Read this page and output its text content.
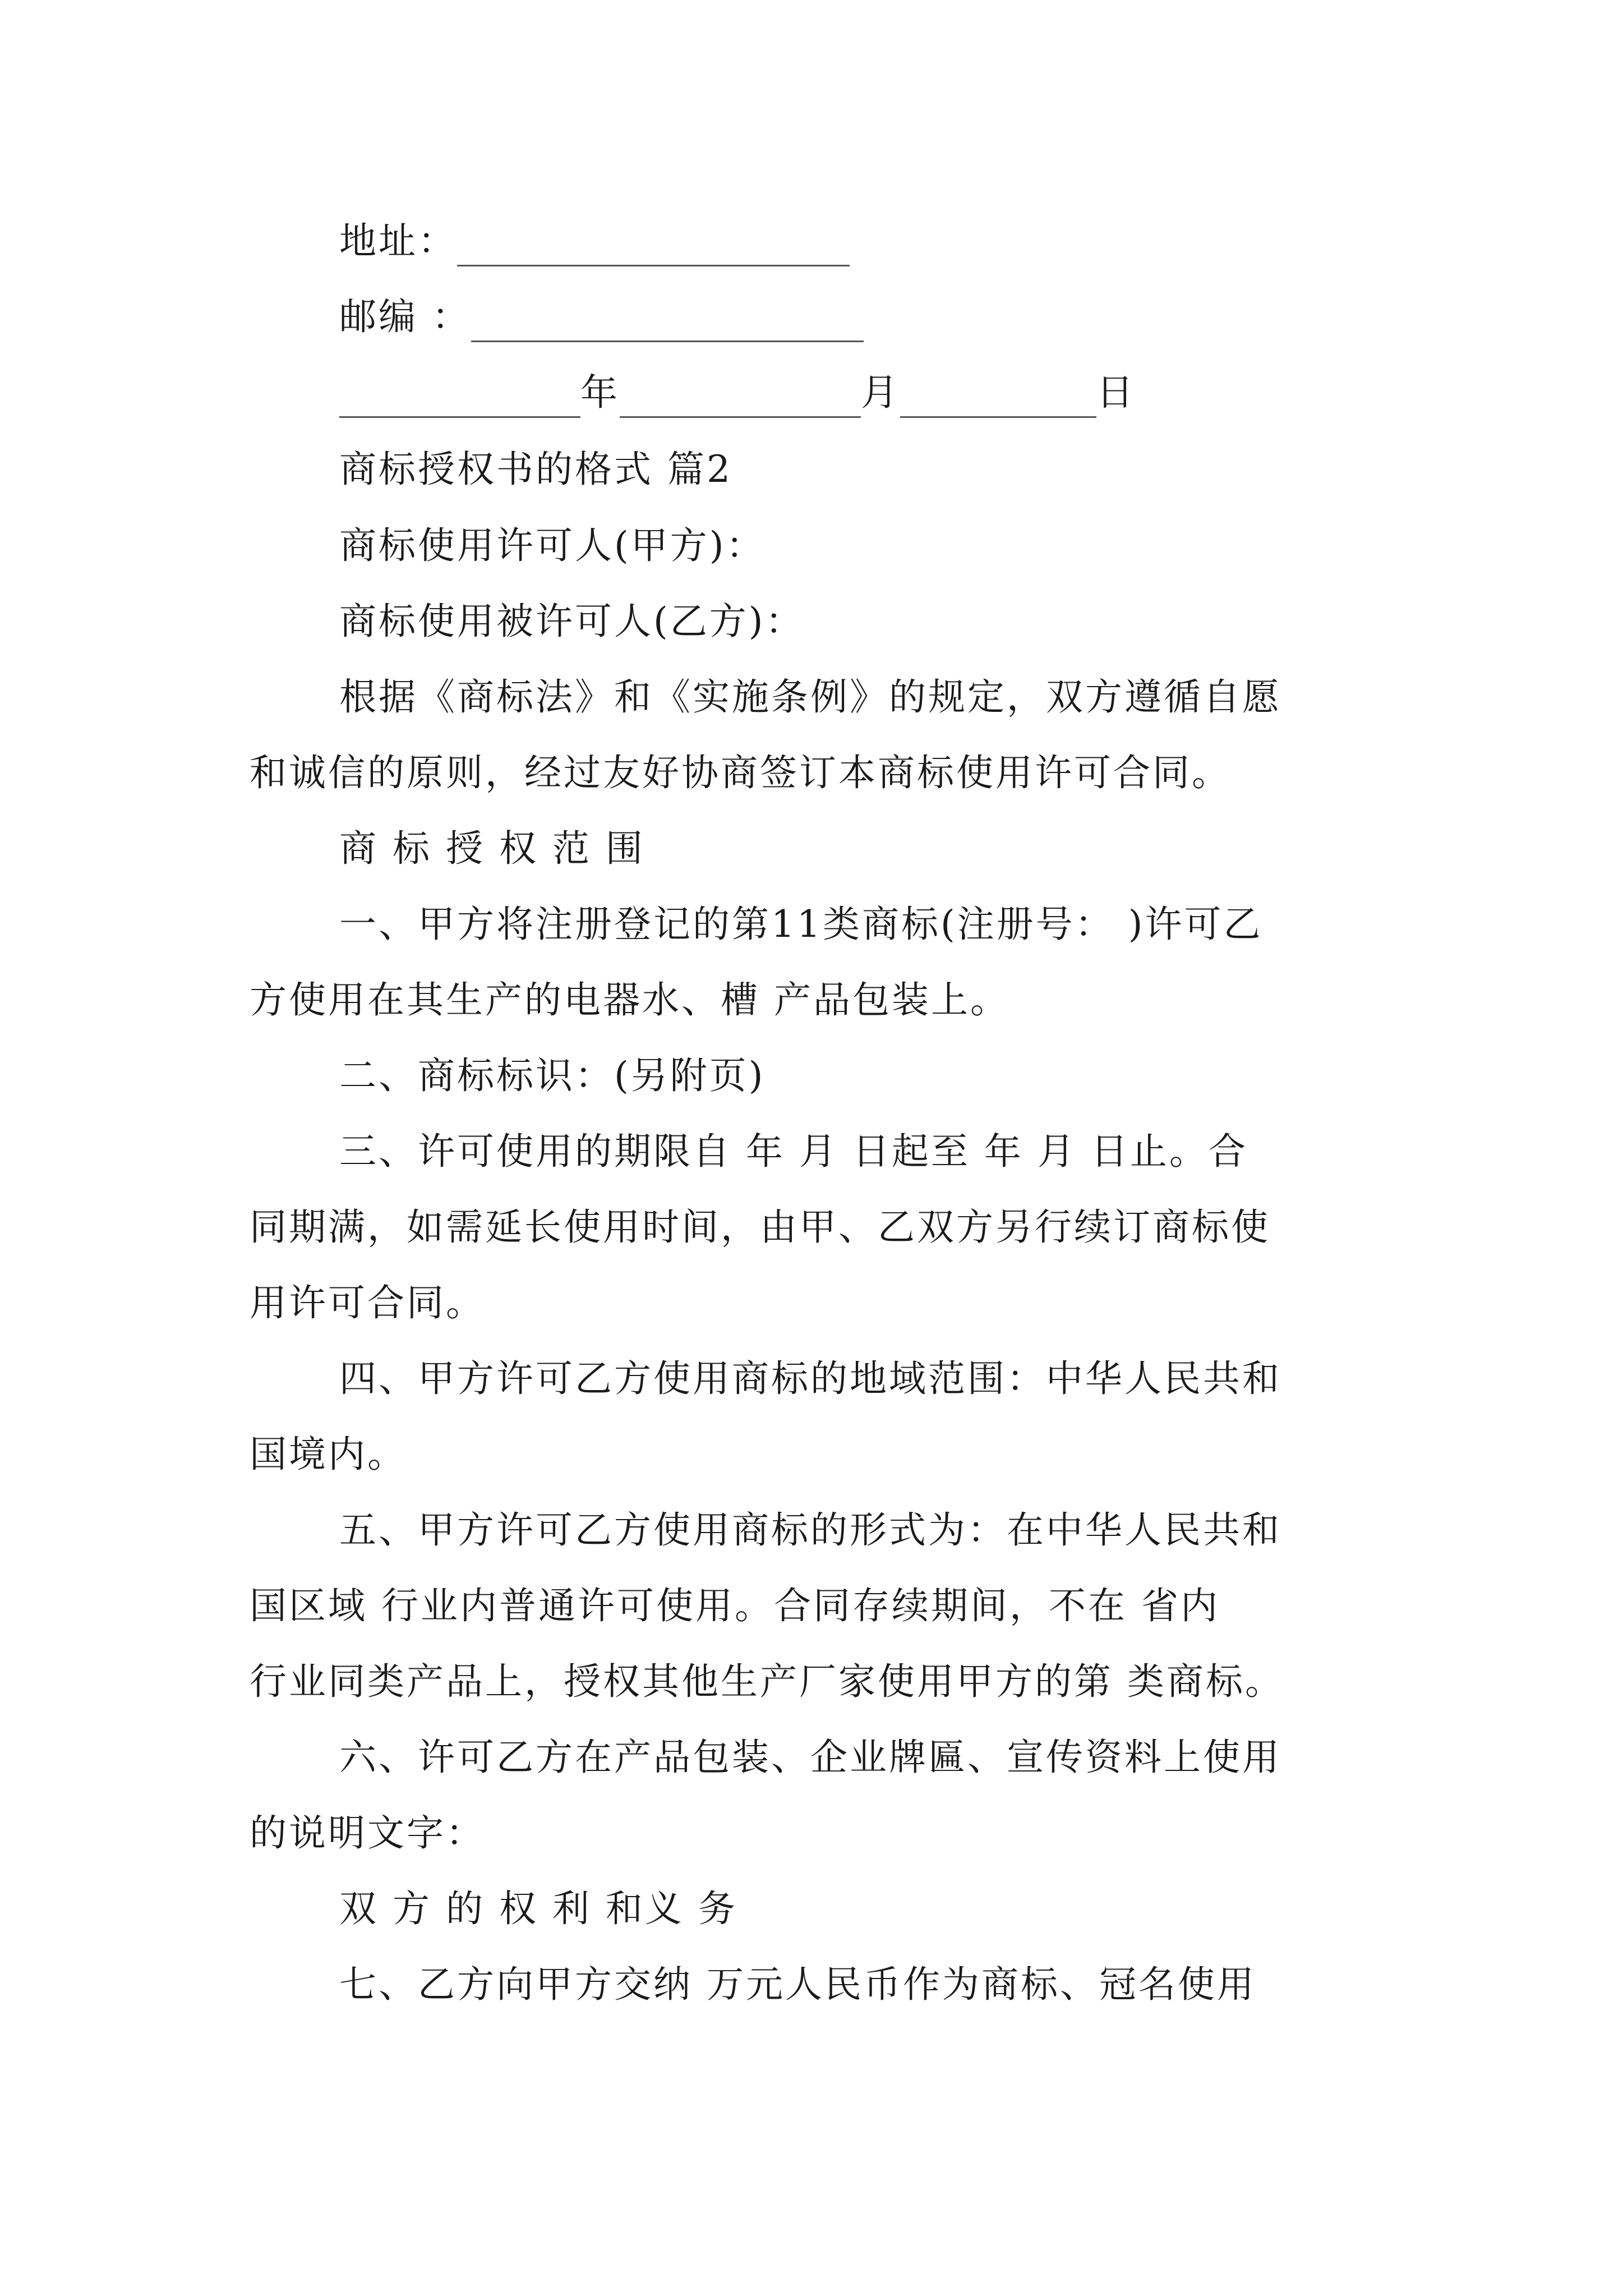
地址：
邮编 ：
年	月	日
商标授权书的格式 篇2
商标使用许可人(甲方)：
商标使用被许可人(乙方)：
根据《商标法》和《实施条例》的规定，双方遵循自愿
和诚信的原则，经过友好协商签订本商标使用许可合同。
商 标 授 权 范 围
一、甲方将注册登记的第11类商标(注册号： )许可乙
方使用在其生产的电器水、槽 产品包装上。
二、商标标识：(另附页)
三、许可使用的期限自 年 月 日起至 年 月 日止。合
同期满，如需延长使用时间，由甲、乙双方另行续订商标使
用许可合同。
四、甲方许可乙方使用商标的地域范围：中华人民共和
国境内。
五、甲方许可乙方使用商标的形式为：在中华人民共和
国区域 行业内普通许可使用。合同存续期间，不在 省内
行业同类产品上，授权其他生产厂家使用甲方的第 类商标。
六、许可乙方在产品包装、企业牌匾、宣传资料上使用
的说明文字：
双 方 的 权 利 和义 务
七、乙方向甲方交纳 万元人民币作为商标、冠名使用
